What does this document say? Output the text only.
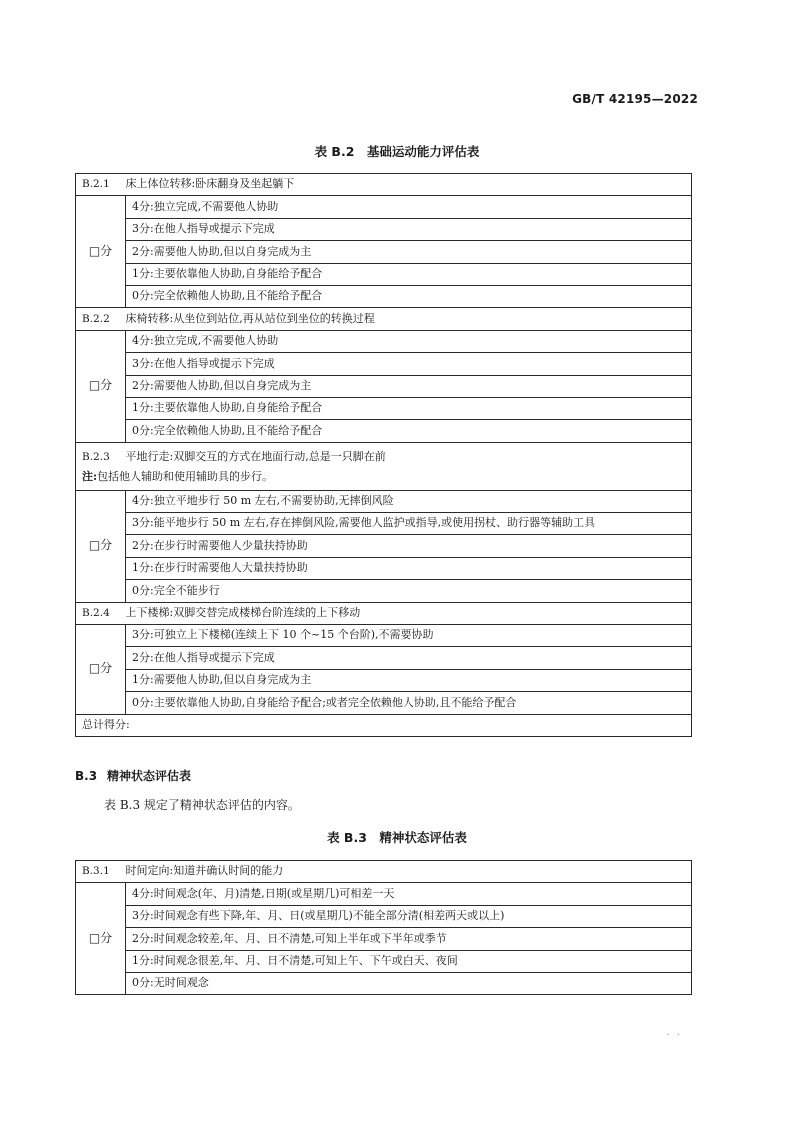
GB/T 42195—2022
表 B.2　基础运动能力评估表
B.2.1 床上体位转移:卧床翻身及坐起躺下	
□分	4分:独立完成,不需要他人协助
	3分:在他人指导或提示下完成
	2分:需要他人协助,但以自身完成为主
	1分:主要依靠他人协助,自身能给予配合
	0分:完全依赖他人协助,且不能给予配合
B.2.2 床椅转移:从坐位到站位,再从站位到坐位的转换过程	
□分	4分:独立完成,不需要他人协助
	3分:在他人指导或提示下完成
	2分:需要他人协助,但以自身完成为主
	1分:主要依靠他人协助,自身能给予配合
	0分:完全依赖他人协助,且不能给予配合

B.2.3 平地行走:双脚交互的方式在地面行动,总是一只脚在前
注:包括他人辅助和使用辅助具的步行。	

□分	4分:独立平地步行 50 m 左右,不需要协助,无摔倒风险
	3分:能平地步行 50 m 左右,存在摔倒风险,需要他人监护或指导,或使用拐杖、助行器等辅助工具
	2分:在步行时需要他人少量扶持协助
	1分:在步行时需要他人大量扶持协助
	0分:完全不能步行
B.2.4 上下楼梯:双脚交替完成楼梯台阶连续的上下移动	
□分	3分:可独立上下楼梯(连续上下 10 个~15 个台阶),不需要协助
	2分:在他人指导或提示下完成
	1分:需要他人协助,但以自身完成为主
	0分:主要依靠他人协助,自身能给予配合;或者完全依赖他人协助,且不能给予配合
总计得分:	
B.3 精神状态评估表
表 B.3 规定了精神状态评估的内容。
表 B.3　精神状态评估表
B.3.1 时间定向:知道并确认时间的能力
□分	4分:时间观念(年、月)清楚,日期(或星期几)可相差一天
3分:时间观念有些下降,年、月、日(或星期几)不能全部分清(相差两天或以上)
2分:时间观念较差,年、月、日不清楚,可知上半年或下半年或季节
1分:时间观念很差,年、月、日不清楚,可知上午、下午或白天、夜间
0分:无时间观念
· ·
